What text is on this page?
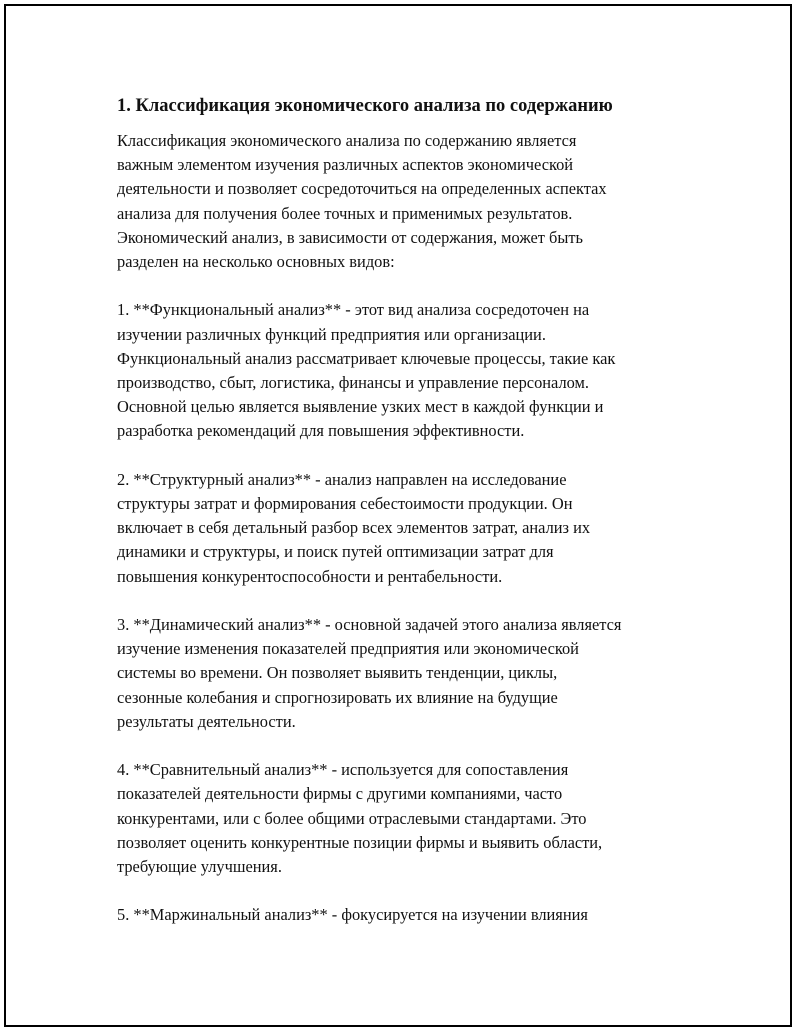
1. Классификация экономического анализа по содержанию
Классификация экономического анализа по содержанию является
важным элементом изучения различных аспектов экономической
деятельности и позволяет сосредоточиться на определенных аспектах
анализа для получения более точных и применимых результатов.
Экономический анализ, в зависимости от содержания, может быть
разделен на несколько основных видов:
1. **Функциональный анализ** - этот вид анализа сосредоточен на
изучении различных функций предприятия или организации.
Функциональный анализ рассматривает ключевые процессы, такие как
производство, сбыт, логистика, финансы и управление персоналом.
Основной целью является выявление узких мест в каждой функции и
разработка рекомендаций для повышения эффективности.
2. **Структурный анализ** - анализ направлен на исследование
структуры затрат и формирования себестоимости продукции. Он
включает в себя детальный разбор всех элементов затрат, анализ их
динамики и структуры, и поиск путей оптимизации затрат для
повышения конкурентоспособности и рентабельности.
3. **Динамический анализ** - основной задачей этого анализа является
изучение изменения показателей предприятия или экономической
системы во времени. Он позволяет выявить тенденции, циклы,
сезонные колебания и спрогнозировать их влияние на будущие
результаты деятельности.
4. **Сравнительный анализ** - используется для сопоставления
показателей деятельности фирмы с другими компаниями, часто
конкурентами, или с более общими отраслевыми стандартами. Это
позволяет оценить конкурентные позиции фирмы и выявить области,
требующие улучшения.
5. **Маржинальный анализ** - фокусируется на изучении влияния
